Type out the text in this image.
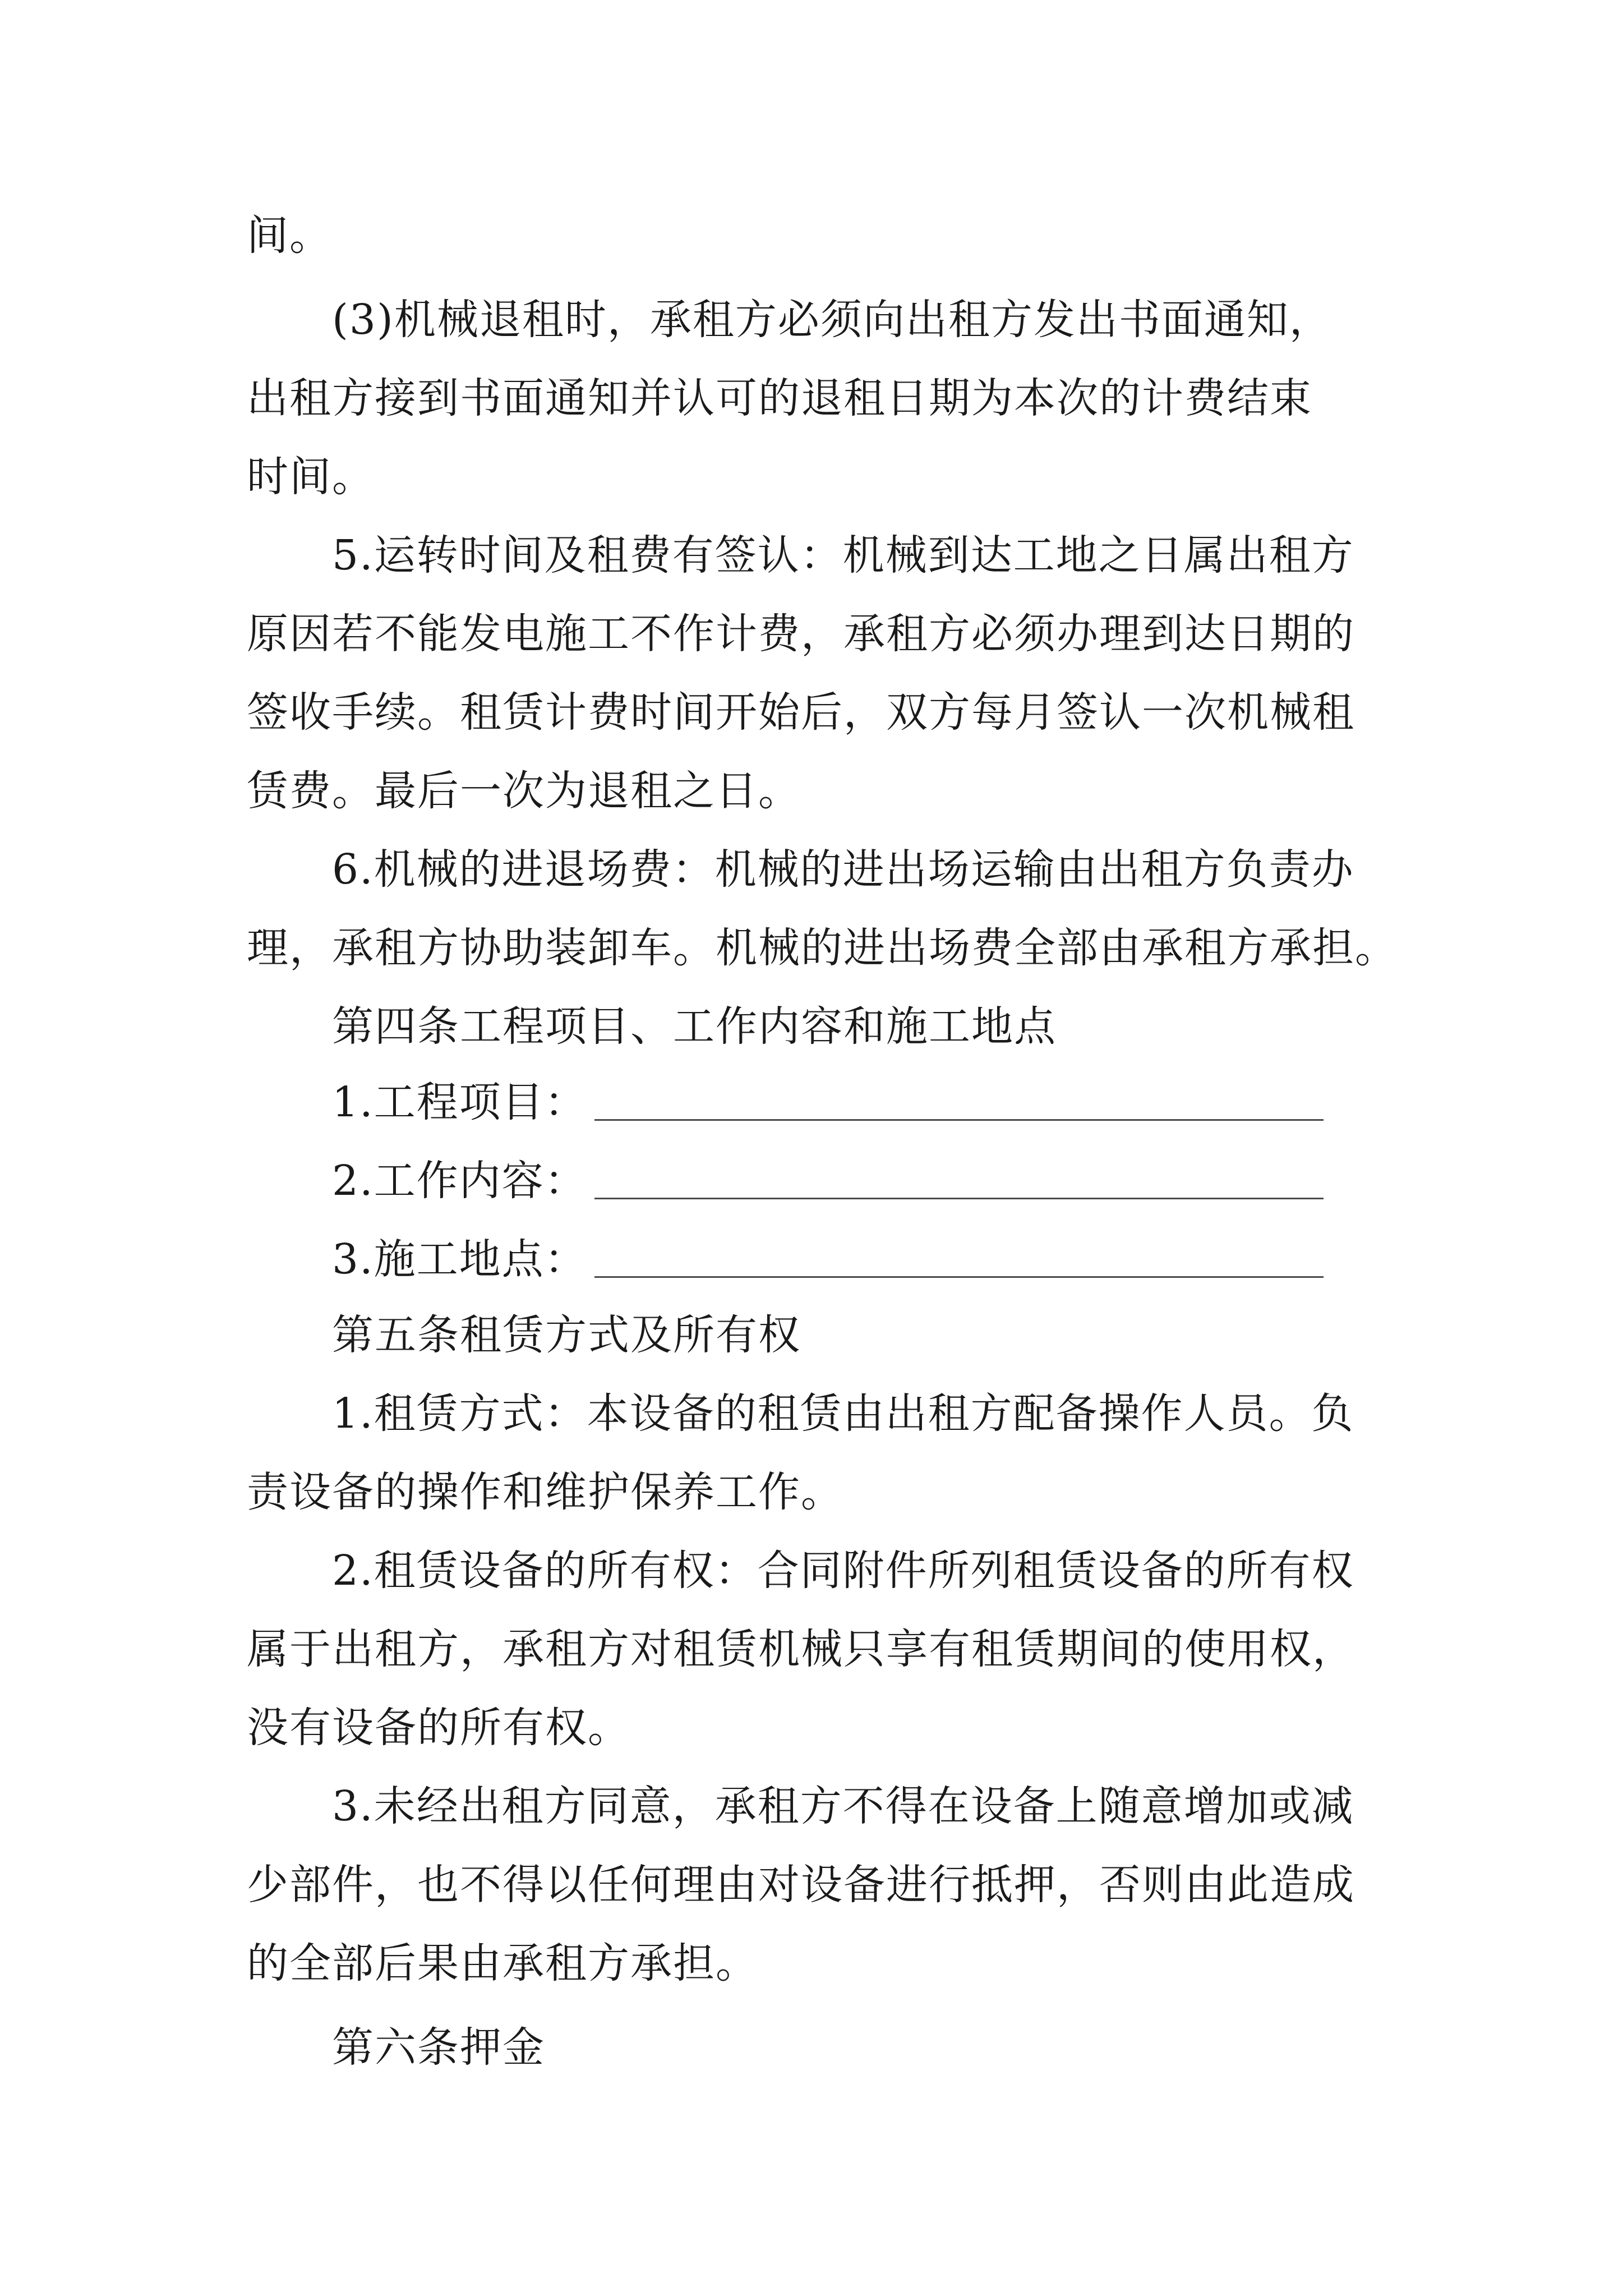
间。
(3)机械退租时，承租方必须向出租方发出书面通知，
出租方接到书面通知并认可的退租日期为本次的计费结束
时间。
5.运转时间及租费有签认：机械到达工地之日属出租方
原因若不能发电施工不作计费，承租方必须办理到达日期的
签收手续。租赁计费时间开始后，双方每月签认一次机械租
赁费。最后一次为退租之日。
6.机械的进退场费：机械的进出场运输由出租方负责办
理，承租方协助装卸车。机械的进出场费全部由承租方承担。
第四条工程项目、工作内容和施工地点
1.工程项目：
2.工作内容：
3.施工地点：
第五条租赁方式及所有权
1.租赁方式：本设备的租赁由出租方配备操作人员。负
责设备的操作和维护保养工作。
2.租赁设备的所有权：合同附件所列租赁设备的所有权
属于出租方，承租方对租赁机械只享有租赁期间的使用权，
没有设备的所有权。
3.未经出租方同意，承租方不得在设备上随意增加或减
少部件，也不得以任何理由对设备进行抵押，否则由此造成
的全部后果由承租方承担。
第六条押金
